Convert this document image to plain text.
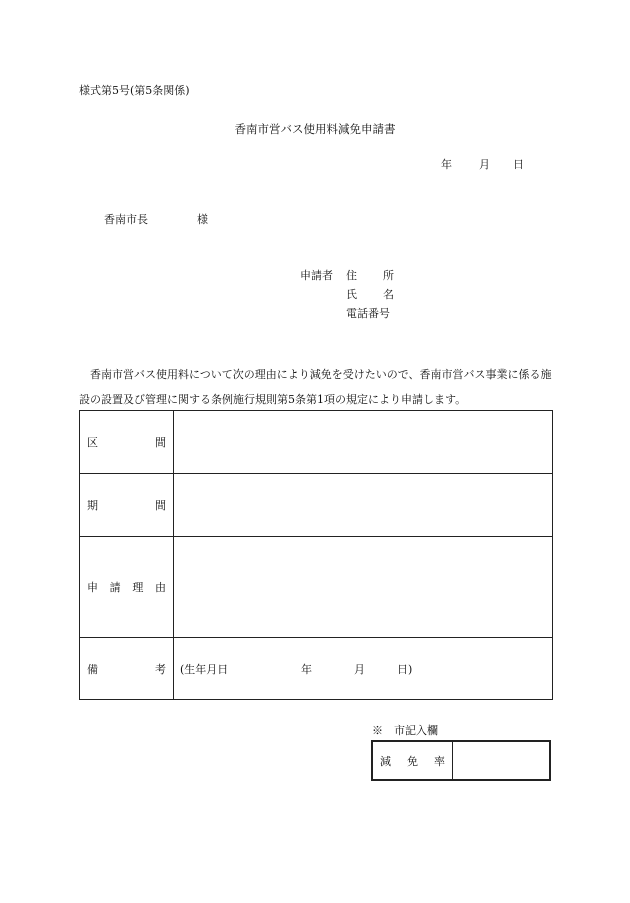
様式第5号(第5条関係)
香南市営バス使用料減免申請書
年 月 日
香南市長	様
申請者 住 所
氏 名
電話番号
香南市営バス使用料について次の理由により減免を受けたいので、香南市営バス事業に係る施設の設置及び管理に関する条例施行規則第5条第1項の規定により申請します。
区 間	

期 間	

申 請 理 由	

備 考	(生年月日 年 月 日)
※　市記入欄
減 免 率
